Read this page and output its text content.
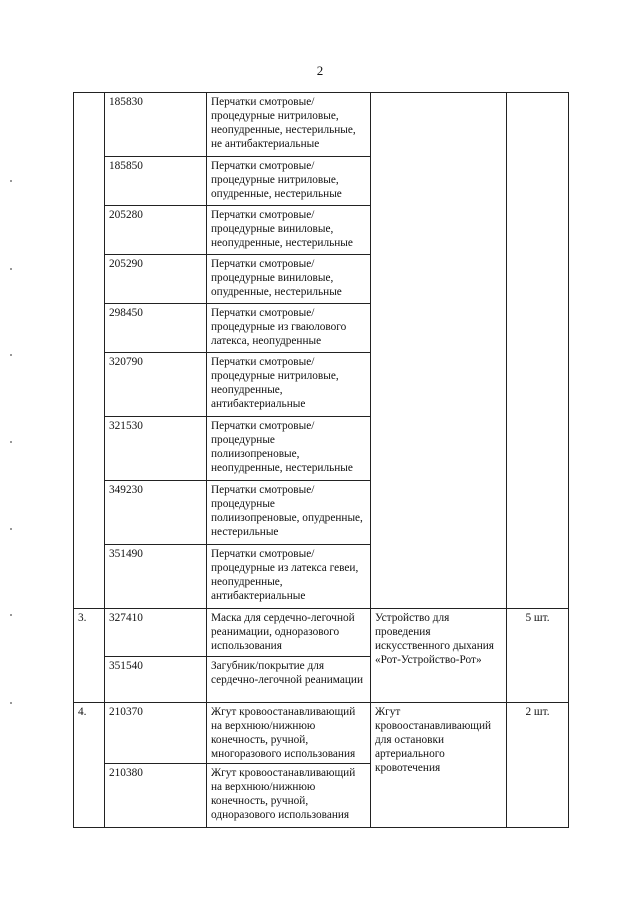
2
	185830	Перчатки смотровые/ процедурные нитриловые, неопудренные, нестерильные, не антибактериальные		
	185850	Перчатки смотровые/ процедурные нитриловые, опудренные, нестерильные		
	205280	Перчатки смотровые/ процедурные виниловые, неопудренные, нестерильные		
	205290	Перчатки смотровые/ процедурные виниловые, опудренные, нестерильные		
	298450	Перчатки смотровые/ процедурные из гваюлового латекса, неопудренные		
	320790	Перчатки смотровые/ процедурные нитриловые, неопудренные, антибактериальные		
	321530	Перчатки смотровые/ процедурные полиизопреновые, неопудренные, нестерильные		
	349230	Перчатки смотровые/ процедурные полиизопреновые, опудренные, нестерильные		
	351490	Перчатки смотровые/ процедурные из латекса гевеи, неопудренные, антибактериальные		
3.	327410	Маска для сердечно-легочной реанимации, одноразового использования	Устройство для проведения искусственного дыхания «Рот-Устройство-Рот»	5 шт.
	351540	Загубник/покрытие для сердечно-легочной реанимации		
4.	210370	Жгут кровоостанавливающий на верхнюю/нижнюю конечность, ручной, многоразового использования	Жгут кровоостанавливающий для остановки артериального кровотечения	2 шт.
	210380	Жгут кровоостанавливающий на верхнюю/нижнюю конечность, ручной, одноразового использования		
